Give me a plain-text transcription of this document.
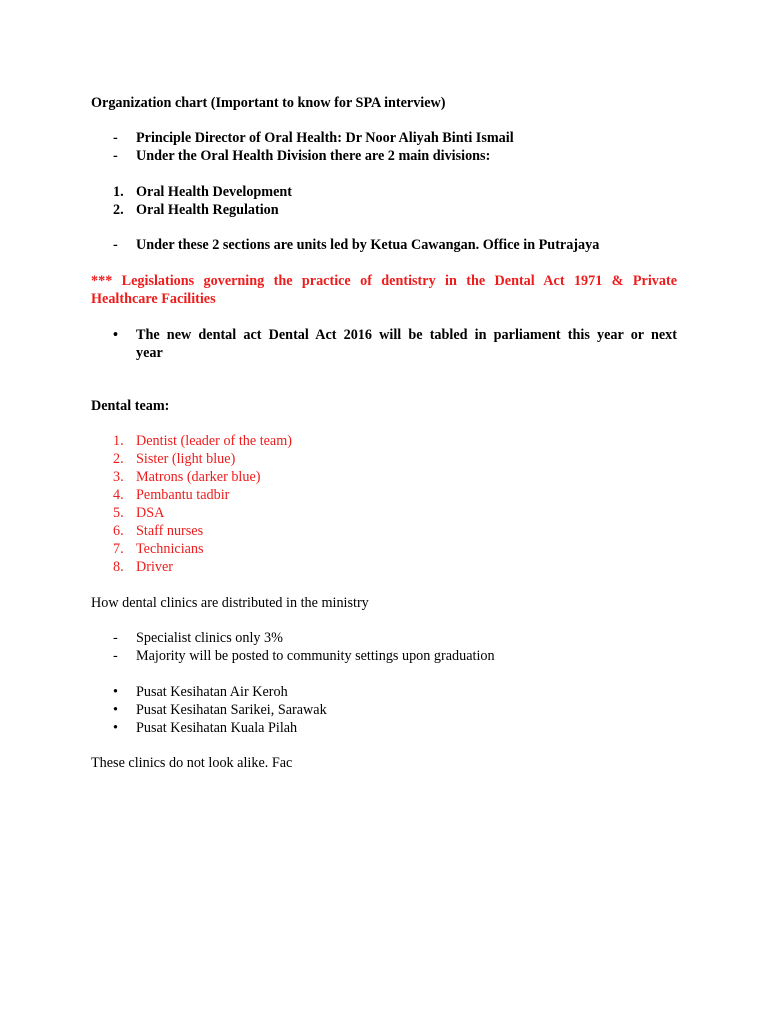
Organization chart (Important to know for SPA interview)
-	Principle Director of Oral Health: Dr Noor Aliyah Binti Ismail
-	Under the Oral Health Division there are 2 main divisions:
1. Oral Health Development
2. Oral Health Regulation
-	Under these 2 sections are units led by Ketua Cawangan. Office in Putrajaya
*** Legislations governing the practice of dentistry in the Dental Act 1971 & Private
Healthcare Facilities
•	The new dental act Dental Act 2016 will be tabled in parliament this year or next
year
Dental team:
1. Dentist (leader of the team)
2. Sister (light blue)
3. Matrons (darker blue)
4. Pembantu tadbir
5. DSA
6. Staff nurses
7. Technicians
8. Driver
How dental clinics are distributed in the ministry
-	Specialist clinics only 3%
-	Majority will be posted to community settings upon graduation
•	Pusat Kesihatan Air Keroh
•	Pusat Kesihatan Sarikei, Sarawak
•	Pusat Kesihatan Kuala Pilah
These clinics do not look alike. Fac
